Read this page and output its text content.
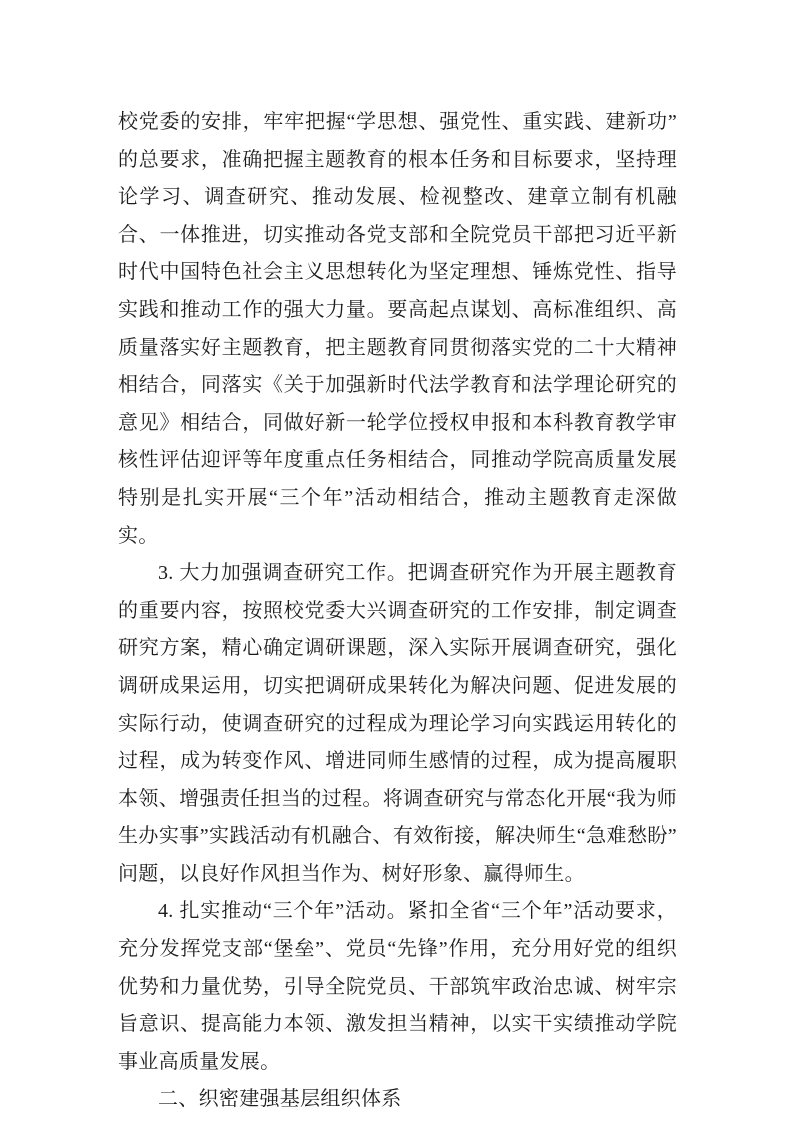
校党委的安排，牢牢把握“学思想、强党性、重实践、建新功”的总要求，准确把握主题教育的根本任务和目标要求，坚持理论学习、调查研究、推动发展、检视整改、建章立制有机融合、一体推进，切实推动各党支部和全院党员干部把习近平新时代中国特色社会主义思想转化为坚定理想、锤炼党性、指导实践和推动工作的强大力量。要高起点谋划、高标准组织、高质量落实好主题教育，把主题教育同贯彻落实党的二十大精神相结合，同落实《关于加强新时代法学教育和法学理论研究的意见》相结合，同做好新一轮学位授权申报和本科教育教学审核性评估迎评等年度重点任务相结合，同推动学院高质量发展特别是扎实开展“三个年”活动相结合，推动主题教育走深做实。

3. 大力加强调查研究工作。把调查研究作为开展主题教育的重要内容，按照校党委大兴调查研究的工作安排，制定调查研究方案，精心确定调研课题，深入实际开展调查研究，强化调研成果运用，切实把调研成果转化为解决问题、促进发展的实际行动，使调查研究的过程成为理论学习向实践运用转化的过程，成为转变作风、增进同师生感情的过程，成为提高履职本领、增强责任担当的过程。将调查研究与常态化开展“我为师生办实事”实践活动有机融合、有效衔接，解决师生“急难愁盼”问题，以良好作风担当作为、树好形象、赢得师生。

4. 扎实推动“三个年”活动。紧扣全省“三个年”活动要求，充分发挥党支部“堡垒”、党员“先锋”作用，充分用好党的组织优势和力量优势，引导全院党员、干部筑牢政治忠诚、树牢宗旨意识、提高能力本领、激发担当精神，以实干实绩推动学院事业高质量发展。

二、织密建强基层组织体系
